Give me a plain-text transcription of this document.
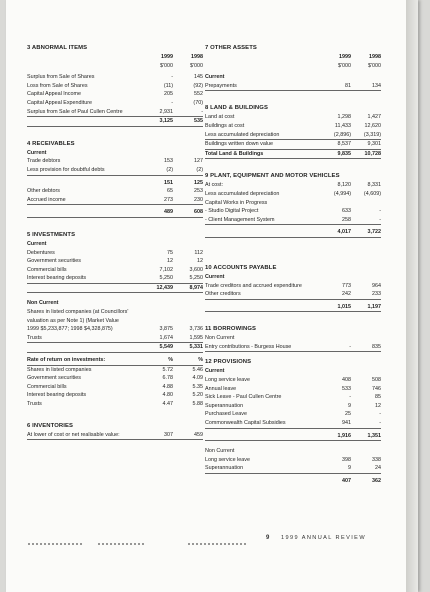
3 ABNORMAL ITEMS
1999	1998
$'000	$'000
Surplus from Sale of Shares	-	145
Loss from Sale of Shares	(11)	(92)
Capital Appeal Income	205	552
Capital Appeal Expenditure	-	(70)
Surplus from Sale of Paul Cullen Centre	2,931	-
3,125	535
4 RECEIVABLES
Current
Trade debtors	153	127
Less provision for doubtful debts	(2)	(2)
151	125
Other debtors	65	253
Accrued income	273	230
489	608
5 INVESTMENTS
Current
Debentures	75	112
Government securities	12	12
Commercial bills	7,102	3,600
Interest bearing deposits	5,250	5,250
12,439	8,974
Non Current
Shares in listed companies (at Councillors'
valuation as per Note 1) (Market Value
1999 $5,233,877; 1998 $4,328,875)	3,875	3,736
Trusts	1,674	1,595
5,549	5,331
Rate of return on investments:	%	%
Shares in listed companies	5.72	5.46
Government securities	6.78	4.09
Commercial bills	4.88	5.35
Interest bearing deposits	4.80	5.20
Trusts	4.47	5.88
6 INVENTORIES
At lower of cost or net realisable value:	307	459
7 OTHER ASSETS
1999	1998
$'000	$'000
Current
Prepayments	81	134
8 LAND & BUILDINGS
Land at cost	1,298	1,427
Buildings at cost	11,433	12,620
Less accumulated depreciation	(2,896)	(3,319)
Buildings written down value	8,537	9,301
Total Land & Buildings	9,835	10,728
9 PLANT, EQUIPMENT AND MOTOR VEHICLES
At cost:	8,120	8,331
Less accumulated depreciation	(4,994)	(4,609)
Capital Works in Progress
- Studio Digital Project	633	-
- Client Management System	258	-
4,017	3,722
10 ACCOUNTS PAYABLE
Current
Trade creditors and accrued expenditure	773	964
Other creditors	242	233
1,015	1,197
11 BORROWINGS
Non Current
Entry contributions - Burgess House	-	835
12 PROVISIONS
Current
Long service leave	408	508
Annual leave	533	746
Sick Leave - Paul Cullen Centre	-	85
Superannuation	9	12
Purchased Leave	25	-
Commonwealth Capital Subsidies	941	-
1,916	1,351
Non Current
Long service leave	398	338
Superannuation	9	24
407	362
9 1999 ANNUAL REVIEW
